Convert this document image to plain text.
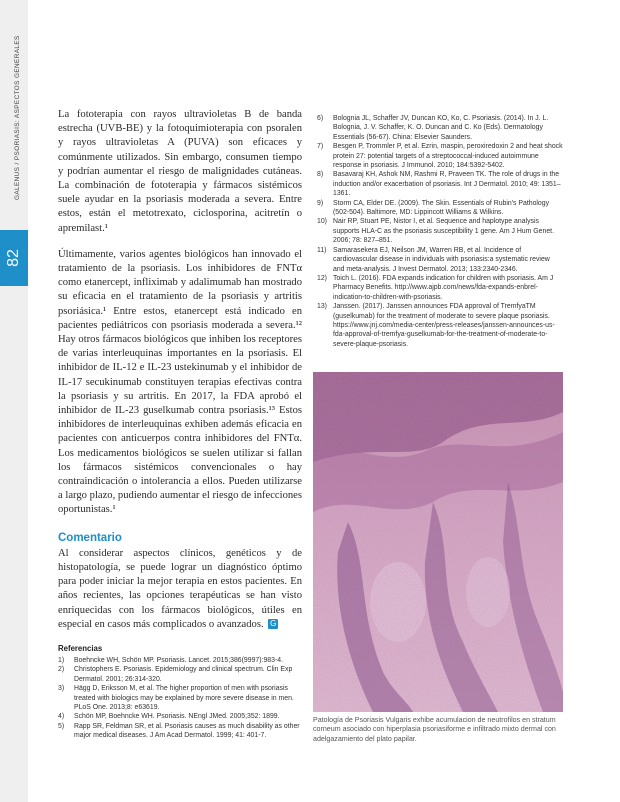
82
GALENUS / PSORIASIS: ASPECTOS GENERALES	La fototerapia con rayos ultravioletas B de banda estrecha (UVB-BE) y la fotoquimioterapia con psoralen y rayos ultravioletas A (PUVA) son eficaces y comúnmente utilizados. Sin embargo, consumen tiempo y podrían aumentar el riesgo de malignidades cutáneas. La combinación de fototerapia y fármacos sistémicos suele ayudar en la psoriasis moderada a severa. Entre estos, están el metotrexato, ciclosporina, acitretín o apremilast.¹

Últimamente, varios agentes biológicos han innovado el tratamiento de la psoriasis. Los inhibidores de FNTα como etanercept, infliximab y adalimumab han mostrado su eficacia en el tratamiento de la psoriasis y artritis psoriásica.¹ Entre estos, etanercept está indicado en pacientes pediátricos con psoriasis moderada a severa.¹² Hay otros fármacos biológicos que inhiben los receptores de varias interleuquinas importantes en la psoriasis. El inhibidor de IL-12 e IL-23 ustekinumab y el inhibidor de IL-17 secukinumab constituyen terapias efectivas contra la psoriasis y su artritis. En 2017, la FDA aprobó el inhibidor de IL-23 guselkumab contra psoriasis.¹³ Estos inhibidores de interleuquinas exhiben además eficacia en pacientes con anticuerpos contra inhibidores del FNTα. Los medicamentos biológicos se suelen utilizar si fallan los fármacos sistémicos convencionales o hay contraindicación o intolerancia a ellos. Pueden utilizarse a largo plazo, pudiendo aumentar el riesgo de infecciones oportunistas.¹

Comentario

Al considerar aspectos clínicos, genéticos y de histopatología, se puede lograr un diagnóstico óptimo para poder iniciar la mejor terapia en estos pacientes. En años recientes, las opciones terapéuticas se han visto enriquecidas con los fármacos biológicos, útiles en especial en casos más complicados o avanzados. G

Referencias
1)	Boehncke WH, Schön MP. Psoriasis. Lancet. 2015;386(9997):983-4.
2)	Christophers E. Psoriasis. Epidemiology and clinical spectrum. Clin Exp Dermatol. 2001; 26:314-320.
3)	Hägg D, Eriksson M, et al. The higher proportion of men with psoriasis treated with biologics may be explained by more severe disease in men. PLoS One. 2013;8: e63619.
4)	Schön MP, Boehncke WH. Psoriasis. NEngl JMed. 2005;352: 1899.
5)	Rapp SR, Feldman SR, et al. Psoriasis causes as much disability as other major medical diseases. J Am Acad Dermatol. 1999; 41: 401-7.
6)	Bolognia JL, Schaffer JV, Duncan KO, Ko, C. Psoriasis. (2014). In J. L. Bolognia, J. V. Schaffer, K. O. Duncan and C. Ko (Eds). Dermatology Essentials (56-67). China: Elsevier Saunders.
7)	Besgen P, Trommler P, et al. Ezrin, maspin, peroxiredoxin 2 and heat shock protein 27: potential targets of a streptococcal-induced autoimmune response in psoriasis. J Immunol. 2010; 184:5392-5402.
8)	Basavaraj KH, Ashok NM, Rashmi R, Praveen TK. The role of drugs in the induction and/or exacerbation of psoriasis. Int J Dermatol. 2010; 49: 1351–1361.
9)	Storm CA, Elder DE. (2009). The Skin. Essentials of Rubin's Pathology (502-504). Baltimore, MD: Lippincott Williams & Wilkins.
10) Nair RP, Stuart PE, Nistor I, et al. Sequence and haplotype analysis supports HLA-C as the psoriasis susceptibility 1 gene. Am J Hum Genet. 2006; 78: 827–851.
11) Samarasekera EJ, Neilson JM, Warren RB, et al. Incidence of cardiovascular disease in individuals with psoriasis:a systematic review and meta-analysis. J Invest Dermatol. 2013; 133:2340-2346.
12) Toich L. (2016). FDA expands indication for children with psoriasis. Am J Pharmacy Benefits. http://www.ajpb.com/news/fda-expands-enbrel-indication-to-children-with-psoriasis.
13) Janssen. (2017). Janssen announces FDA approval of TremfyaTM (guselkumab) for the treatment of moderate to severe plaque psoriasis. https://www.jnj.com/media-center/press-releases/janssen-announces-us-fda-approval-of-tremfya-guselkumab-for-the-treatment-of-moderate-to-severe-plaque-psoriasis.
Patología de Psoriasis Vulgaris exhibe acumulacion de neutrofilos en stratum corneum asociado con hiperplasia psoriasiforme e infiltrado mixto dermal con adelgazamiento del plato papilar.
